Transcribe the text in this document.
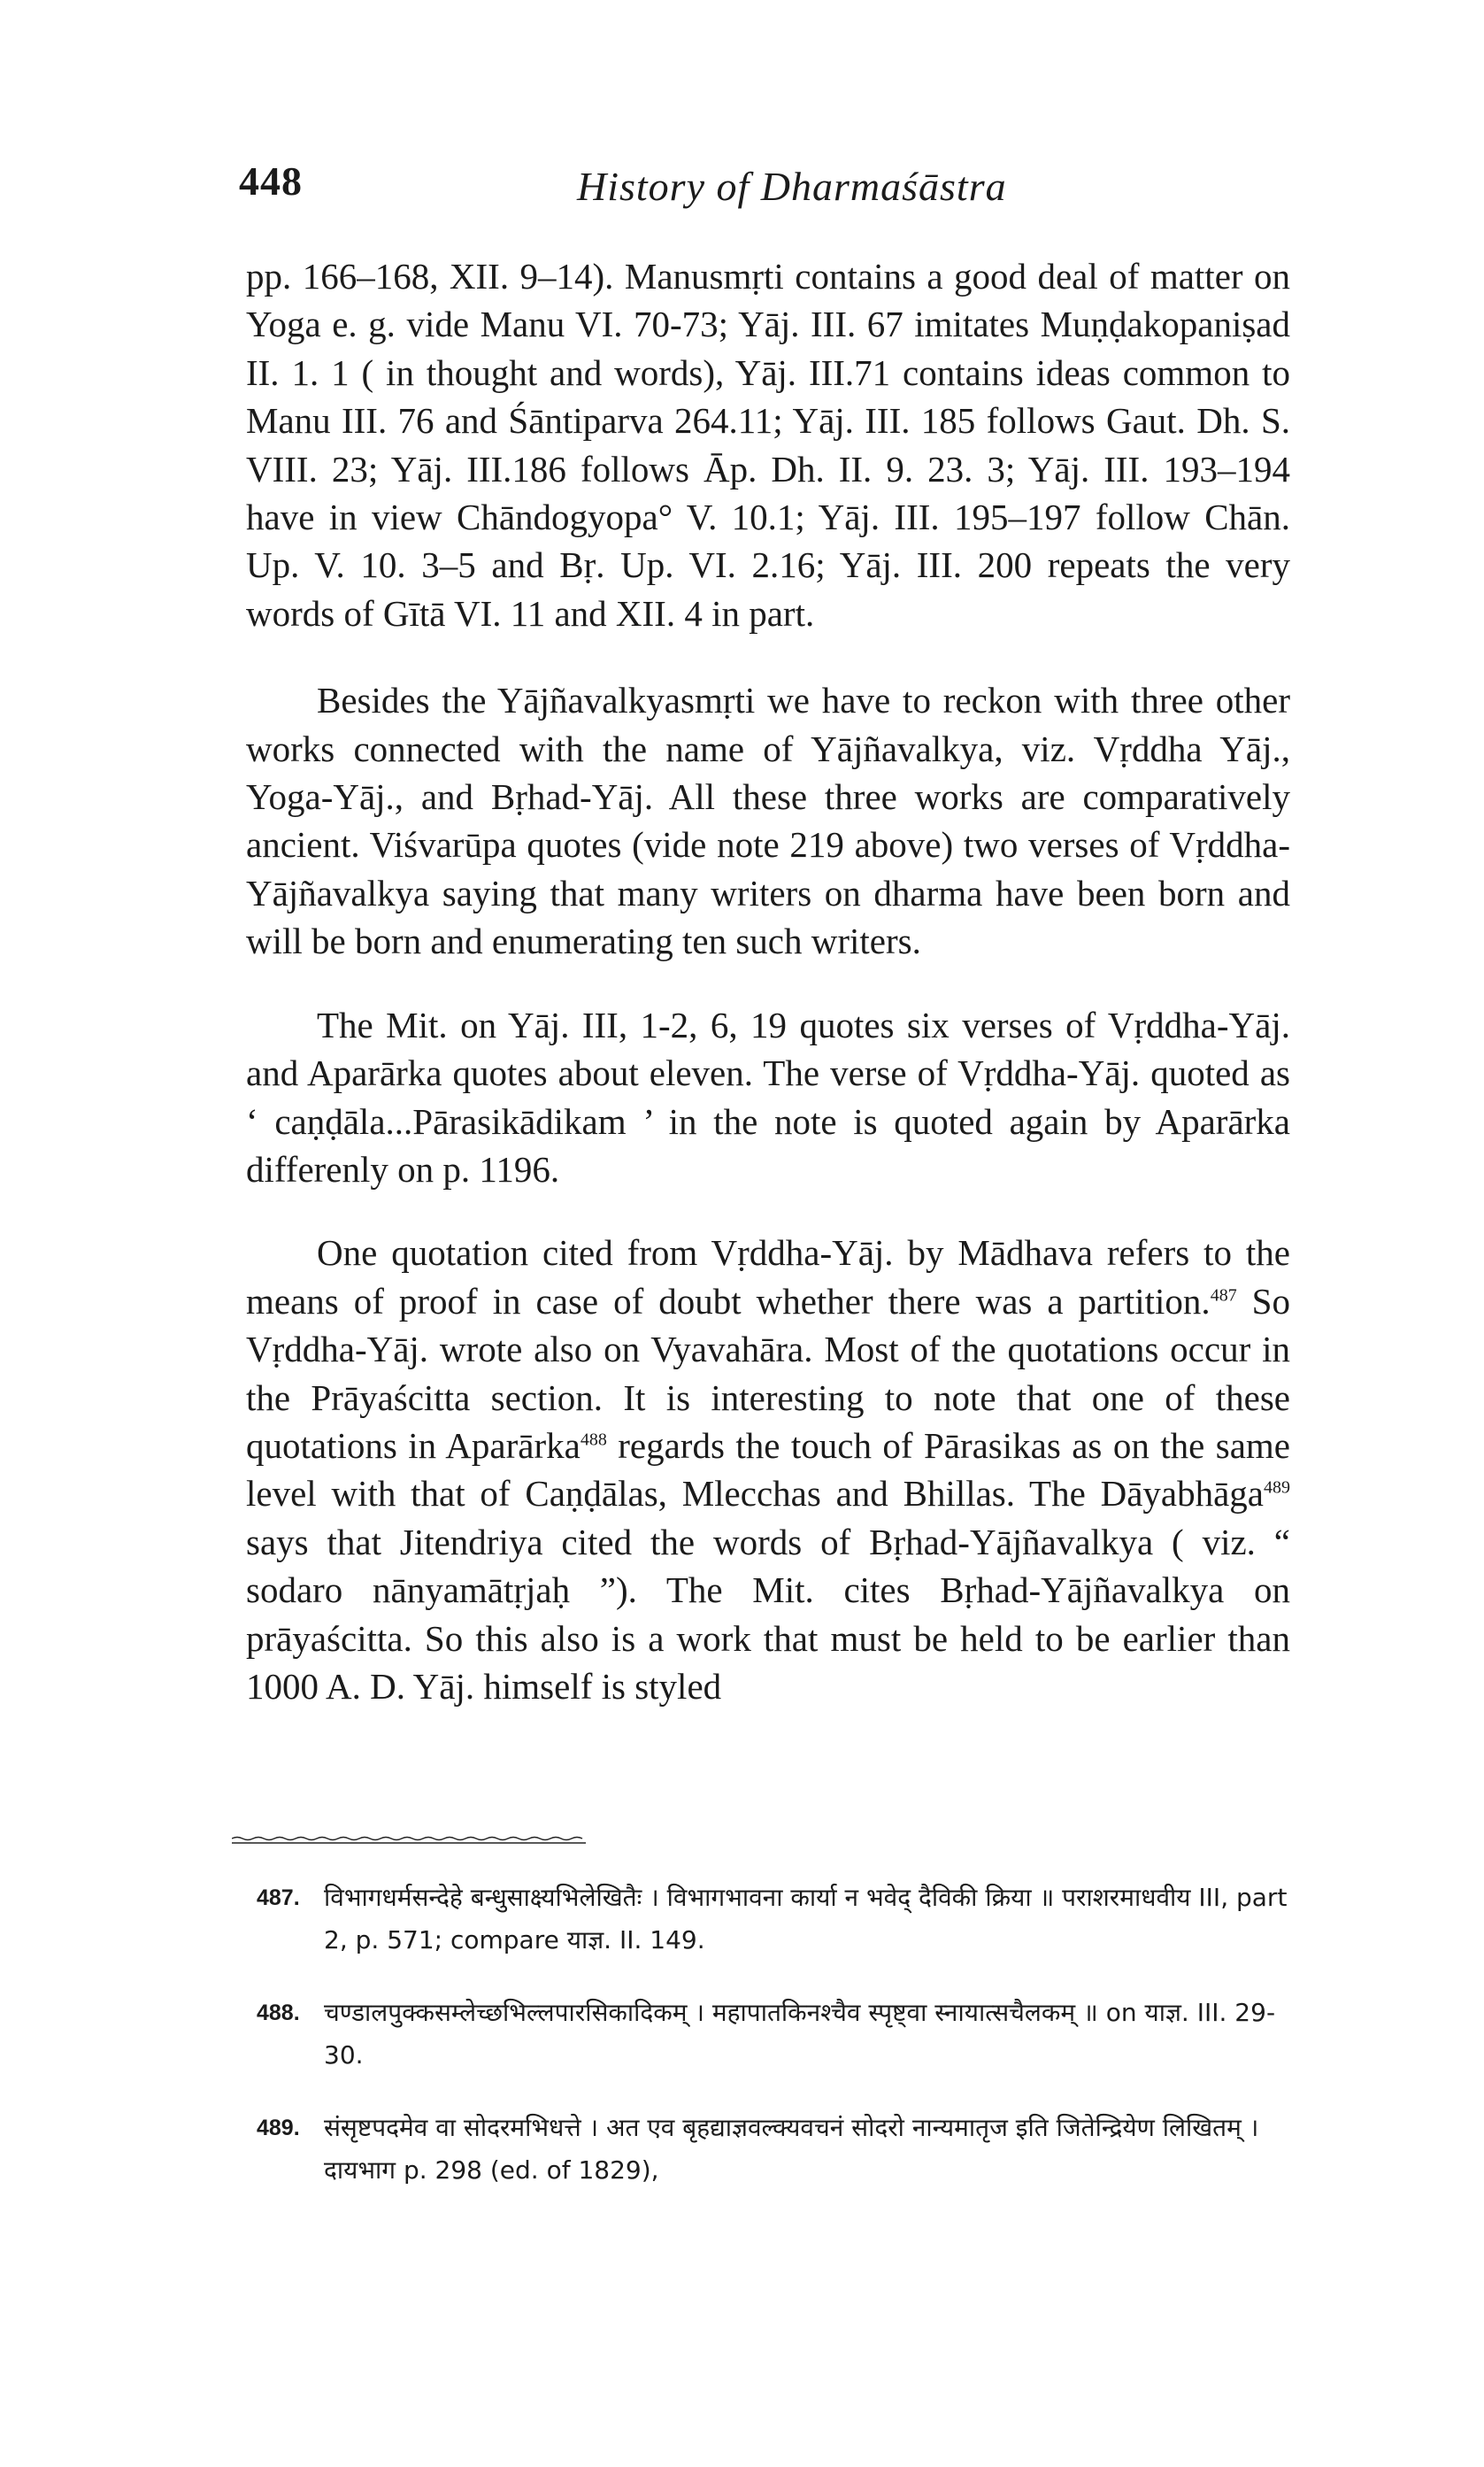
448	History of Dharmaśāstra

pp. 166–168, XII. 9–14). Manusmṛti contains a good deal of matter on Yoga e. g. vide Manu VI. 70-73; Yāj. III. 67 imitates Muṇḍakopaniṣad II. 1. 1 ( in thought and words), Yāj. III.71 contains ideas common to Manu III. 76 and Śāntiparva 264.11; Yāj. III. 185 follows Gaut. Dh. S. VIII. 23; Yāj. III.186 follows Āp. Dh. II. 9. 23. 3; Yāj. III. 193–194 have in view Chāndogyopa° V. 10.1; Yāj. III. 195–197 follow Chān. Up. V. 10. 3–5 and Bṛ. Up. VI. 2.16; Yāj. III. 200 repeats the very words of Gītā VI. 11 and XII. 4 in part.

Besides the Yājñavalkyasmṛti we have to reckon with three other works connected with the name of Yājñavalkya, viz. Vṛddha Yāj., Yoga-Yāj., and Bṛhad-Yāj. All these three works are comparatively ancient. Viśvarūpa quotes (vide note 219 above) two verses of Vṛddha-Yājñavalkya saying that many writers on dharma have been born and will be born and enumerating ten such writers.

The Mit. on Yāj. III, 1-2, 6, 19 quotes six verses of Vṛddha-Yāj. and Aparārka quotes about eleven. The verse of Vṛddha-Yāj. quoted as ‘ caṇḍāla...Pārasikādikam ’ in the note is quoted again by Aparārka differenly on p. 1196.

One quotation cited from Vṛddha-Yāj. by Mādhava refers to the means of proof in case of doubt whether there was a partition.$^{487}$ So Vṛddha-Yāj. wrote also on Vyavahāra. Most of the quotations occur in the Prāyaścitta section. It is interesting to note that one of these quotations in Aparārka$^{488}$ regards the touch of Pārasikas as on the same level with that of Caṇḍālas, Mlecchas and Bhillas. The Dāyabhāga$^{489}$ says that Jitendriya cited the words of Bṛhad-Yājñavalkya ( viz. “ sodaro nānyamātṛjaḥ ”). The Mit. cites Bṛhad-Yājñavalkya on prāyaścitta. So this also is a work that must be held to be earlier than 1000 A. D. Yāj. himself is styled

487. विभागधर्मसन्देहे बन्धुसाक्ष्यभिलेखितैः । विभागभावना कार्या न भवेद् दैविकी क्रिया ॥ पराशरमाधवीय III, part 2, p. 571; compare याज्ञ. II. 149.
488. चण्डालपुक्कसम्लेच्छभिल्लपारसिकादिकम् । महापातकिनश्चैव स्पृष्ट्वा स्नायात्सचैलकम् ॥ on याज्ञ. III. 29-30.
489. संसृष्टपदमेव वा सोदरमभिधत्ते । अत एव बृहद्याज्ञवल्क्यवचनं सोदरो नान्यमातृज इति जितेन्द्रियेण लिखितम् । दायभाग p. 298 (ed. of 1829),
